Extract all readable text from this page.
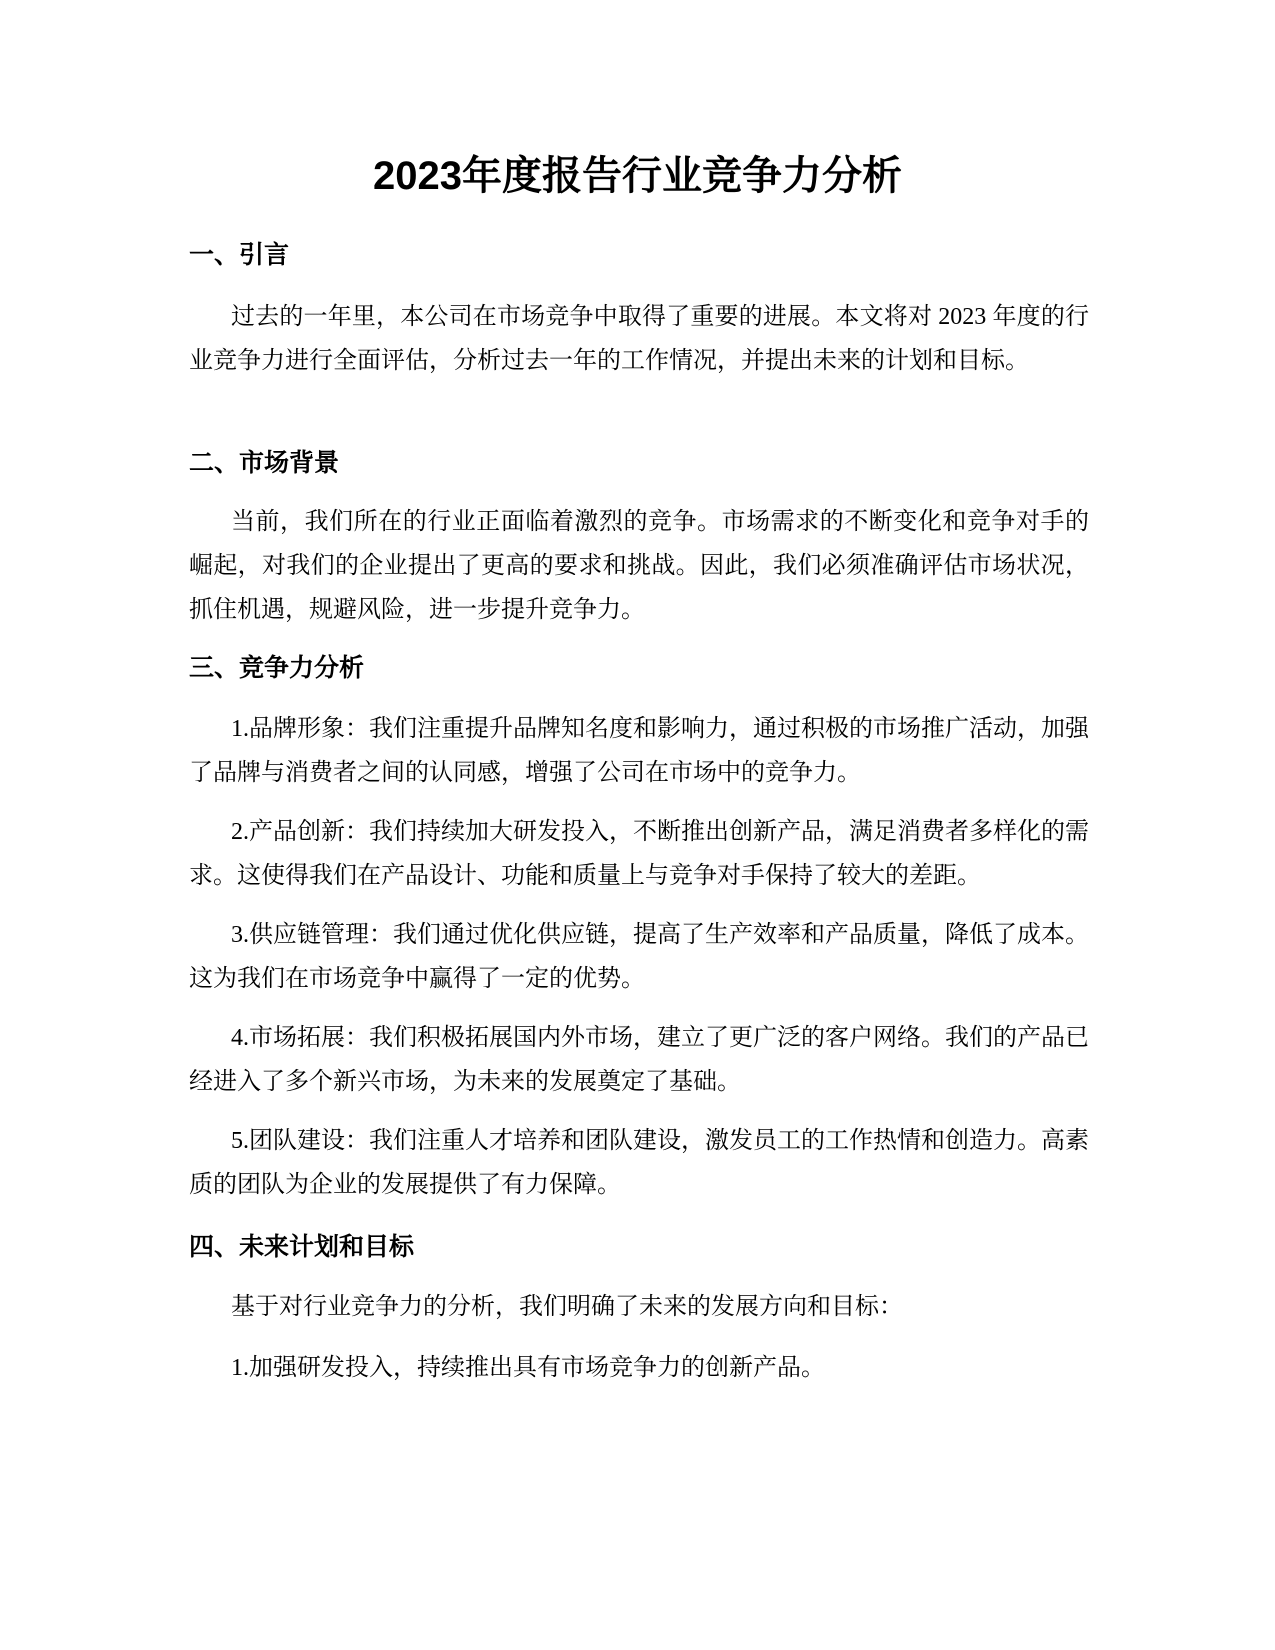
2023年度报告行业竞争力分析
一、引言

过去的一年里，本公司在市场竞争中取得了重要的进展。本文将对 2023 年度的行业竞争力进行全面评估，分析过去一年的工作情况，并提出未来的计划和目标。

二、市场背景

当前，我们所在的行业正面临着激烈的竞争。市场需求的不断变化和竞争对手的崛起，对我们的企业提出了更高的要求和挑战。因此，我们必须准确评估市场状况，抓住机遇，规避风险，进一步提升竞争力。

三、竞争力分析

1.品牌形象：我们注重提升品牌知名度和影响力，通过积极的市场推广活动，加强了品牌与消费者之间的认同感，增强了公司在市场中的竞争力。

2.产品创新：我们持续加大研发投入，不断推出创新产品，满足消费者多样化的需求。这使得我们在产品设计、功能和质量上与竞争对手保持了较大的差距。

3.供应链管理：我们通过优化供应链，提高了生产效率和产品质量，降低了成本。这为我们在市场竞争中赢得了一定的优势。

4.市场拓展：我们积极拓展国内外市场，建立了更广泛的客户网络。我们的产品已经进入了多个新兴市场，为未来的发展奠定了基础。

5.团队建设：我们注重人才培养和团队建设，激发员工的工作热情和创造力。高素质的团队为企业的发展提供了有力保障。

四、未来计划和目标

基于对行业竞争力的分析，我们明确了未来的发展方向和目标：

1.加强研发投入，持续推出具有市场竞争力的创新产品。
